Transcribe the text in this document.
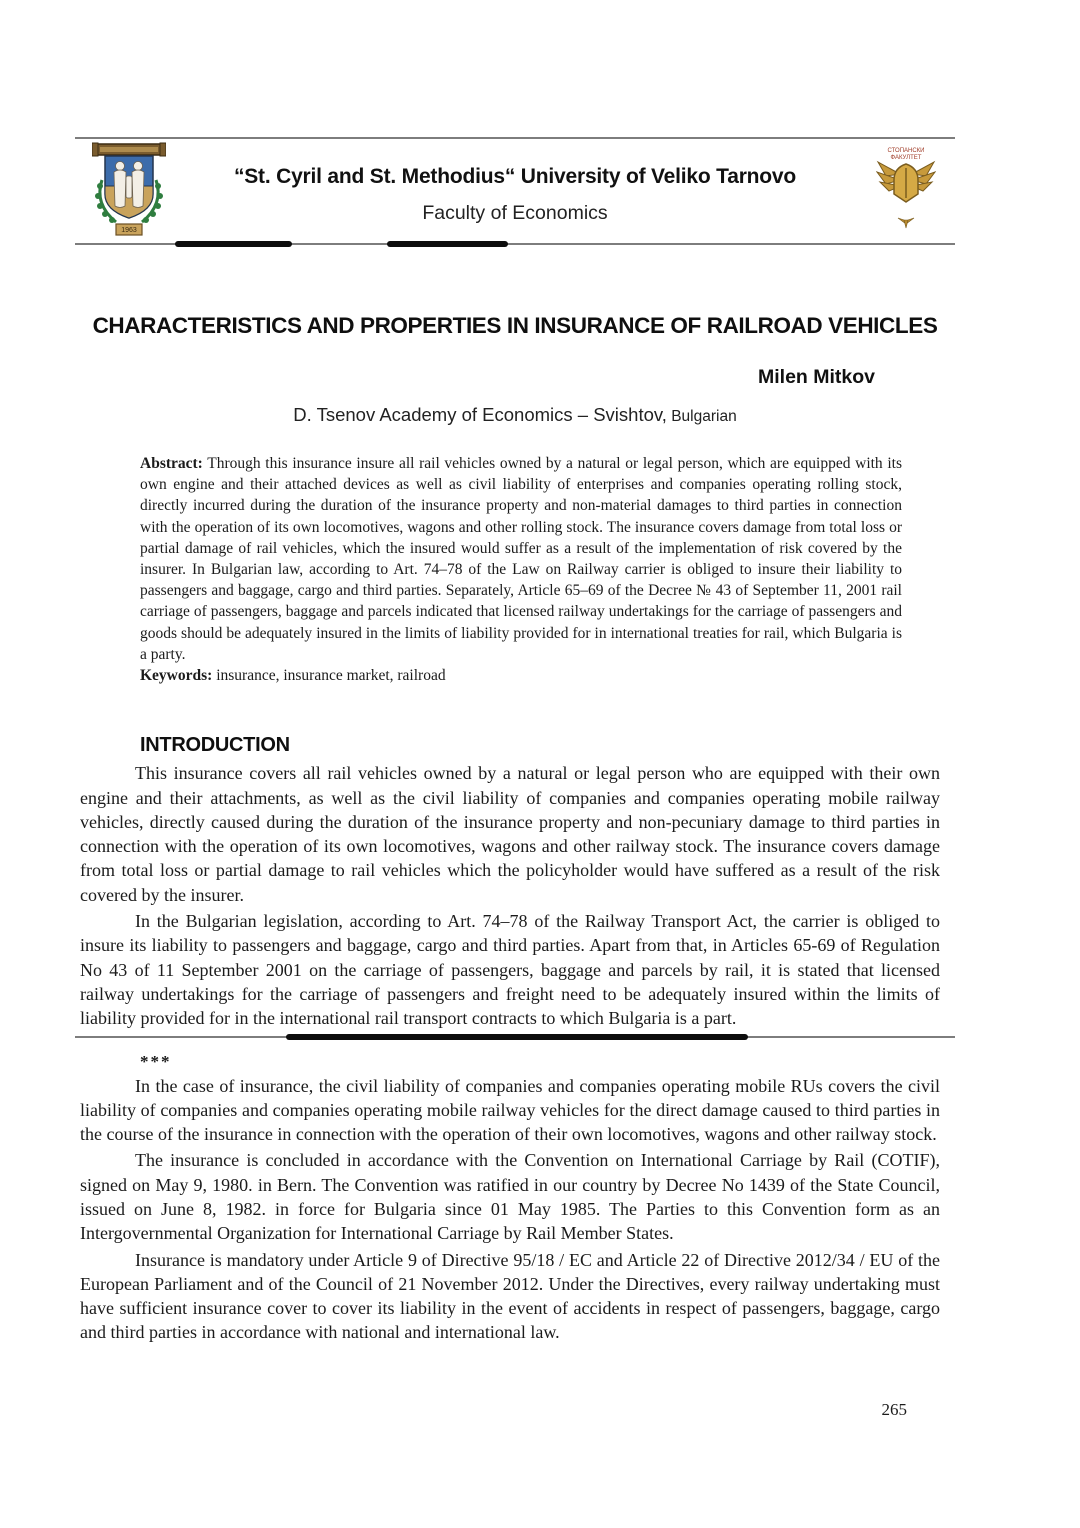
1963
СТОПАНСКИ
ФАКУЛТЕТ
“St. Cyril and St. Methodius“ University of Veliko Tarnovo
Faculty of Economics
CHARACTERISTICS AND PROPERTIES IN INSURANCE OF RAILROAD VEHICLES
Milen Mitkov
D. Tsenov Academy of Economics – Svishtov, Bulgarian
Abstract: Through this insurance insure all rail vehicles owned by a natural or legal person, which are equipped with its own engine and their attached devices as well as civil liability of enterprises and companies operating rolling stock, directly incurred during the duration of the insurance property and non-material damages to third parties in connection with the operation of its own locomotives, wagons and other rolling stock. The insurance covers damage from total loss or partial damage of rail vehicles, which the insured would suffer as a result of the implementation of risk covered by the insurer. In Bulgarian law, according to Art. 74–78 of the Law on Railway carrier is obliged to insure their liability to passengers and baggage, cargo and third parties. Separately, Article 65–69 of the Decree № 43 of September 11, 2001 rail carriage of passengers, baggage and parcels indicated that licensed railway undertakings for the carriage of passengers and goods should be adequately insured in the limits of liability provided for in international treaties for rail, which Bulgaria is a party.
Keywords: insurance, insurance market, railroad
INTRODUCTION

This insurance covers all rail vehicles owned by a natural or legal person who are equipped with their own engine and their attachments, as well as the civil liability of companies and companies operating mobile railway vehicles, directly caused during the duration of the insurance property and non-pecuniary damage to third parties in connection with the operation of its own locomotives, wagons and other railway stock. The insurance covers damage from total loss or partial damage to rail vehicles which the policyholder would have suffered as a result of the risk covered by the insurer.

In the Bulgarian legislation, according to Art. 74–78 of the Railway Transport Act, the carrier is obliged to insure its liability to passengers and baggage, cargo and third parties. Apart from that, in Articles 65-69 of Regulation No 43 of 11 September 2001 on the carriage of passengers, baggage and parcels by rail, it is stated that licensed railway undertakings for the carriage of passengers and freight need to be adequately insured within the limits of liability provided for in the international rail transport contracts to which Bulgaria is a part.

***

In the case of insurance, the civil liability of companies and companies operating mobile RUs covers the civil liability of companies and companies operating mobile railway vehicles for the direct damage caused to third parties in the course of the insurance in connection with the operation of their own locomotives, wagons and other railway stock.

The insurance is concluded in accordance with the Convention on International Carriage by Rail (COTIF), signed on May 9, 1980. in Bern. The Convention was ratified in our country by Decree No 1439 of the State Council, issued on June 8, 1982. in force for Bulgaria since 01 May 1985. The Parties to this Convention form as an Intergovernmental Organization for International Carriage by Rail Member States.

Insurance is mandatory under Article 9 of Directive 95/18 / EC and Article 22 of Directive 2012/34 / EU of the European Parliament and of the Council of 21 November 2012. Under the Directives, every railway undertaking must have sufficient insurance cover to cover its liability in the event of accidents in respect of passengers, baggage, cargo and third parties in accordance with national and international law.

265
